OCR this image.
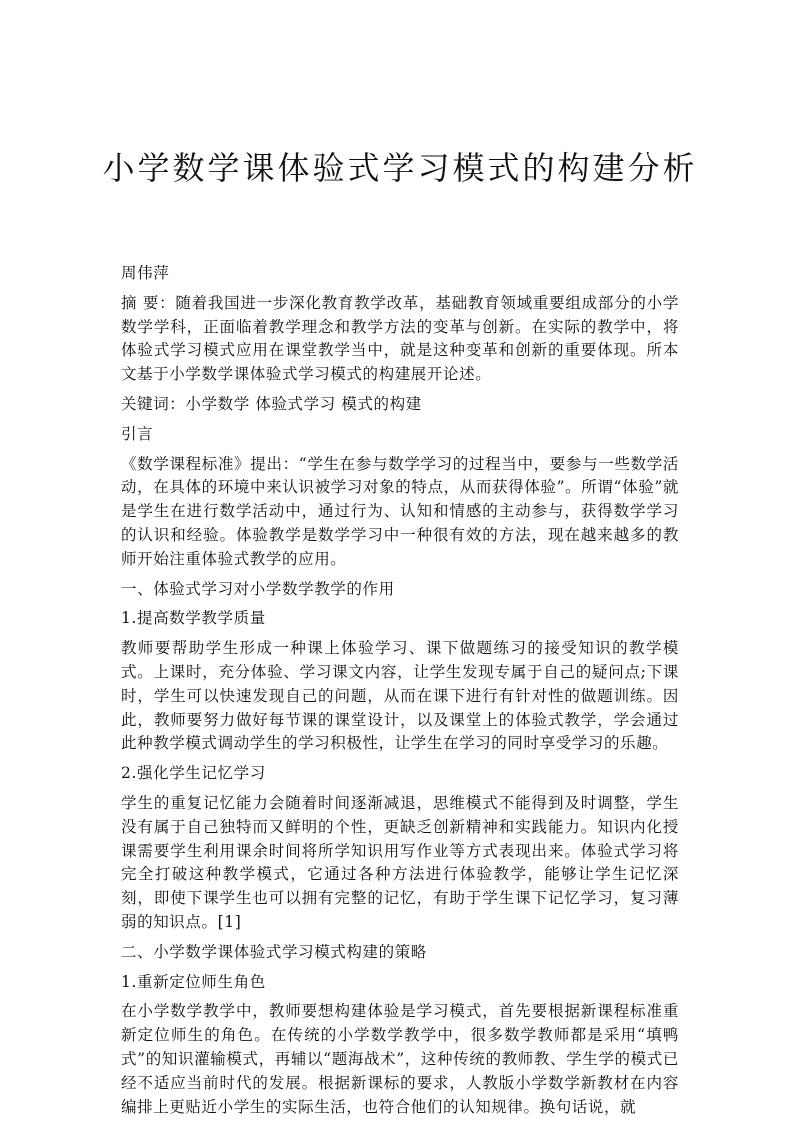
小学数学课体验式学习模式的构建分析

周伟萍

摘 要：随着我国进一步深化教育教学改革，基础教育领域重要组成部分的小学数学学科，正面临着教学理念和教学方法的变革与创新。在实际的教学中，将体验式学习模式应用在课堂教学当中，就是这种变革和创新的重要体现。所本文基于小学数学课体验式学习模式的构建展开论述。

关键词：小学数学 体验式学习 模式的构建

引言

《数学课程标准》提出：“学生在参与数学学习的过程当中，要参与一些数学活动，在具体的环境中来认识被学习对象的特点，从而获得体验”。所谓“体验”就是学生在进行数学活动中，通过行为、认知和情感的主动参与，获得数学学习的认识和经验。体验教学是数学学习中一种很有效的方法，现在越来越多的教师开始注重体验式教学的应用。

一、体验式学习对小学数学教学的作用

1.提高数学教学质量

教师要帮助学生形成一种课上体验学习、课下做题练习的接受知识的教学模式。上课时，充分体验、学习课文内容，让学生发现专属于自己的疑问点;下课时，学生可以快速发现自己的问题，从而在课下进行有针对性的做题训练。因此，教师要努力做好每节课的课堂设计，以及课堂上的体验式教学，学会通过此种教学模式调动学生的学习积极性，让学生在学习的同时享受学习的乐趣。

2.强化学生记忆学习

学生的重复记忆能力会随着时间逐渐减退，思维模式不能得到及时调整，学生没有属于自己独特而又鲜明的个性，更缺乏创新精神和实践能力。知识内化授课需要学生利用课余时间将所学知识用写作业等方式表现出来。体验式学习将完全打破这种教学模式，它通过各种方法进行体验教学，能够让学生记忆深刻，即使下课学生也可以拥有完整的记忆，有助于学生课下记忆学习，复习薄弱的知识点。[1]

二、小学数学课体验式学习模式构建的策略

1.重新定位师生角色

在小学数学教学中，教师要想构建体验是学习模式，首先要根据新课程标准重新定位师生的角色。在传统的小学数学教学中，很多数学教师都是采用“填鸭式”的知识灌输模式，再辅以“题海战术”，这种传统的教师教、学生学的模式已经不适应当前时代的发展。根据新课标的要求，人教版小学数学新教材在内容编排上更贴近小学生的实际生活，也符合他们的认知规律。换句话说，就
